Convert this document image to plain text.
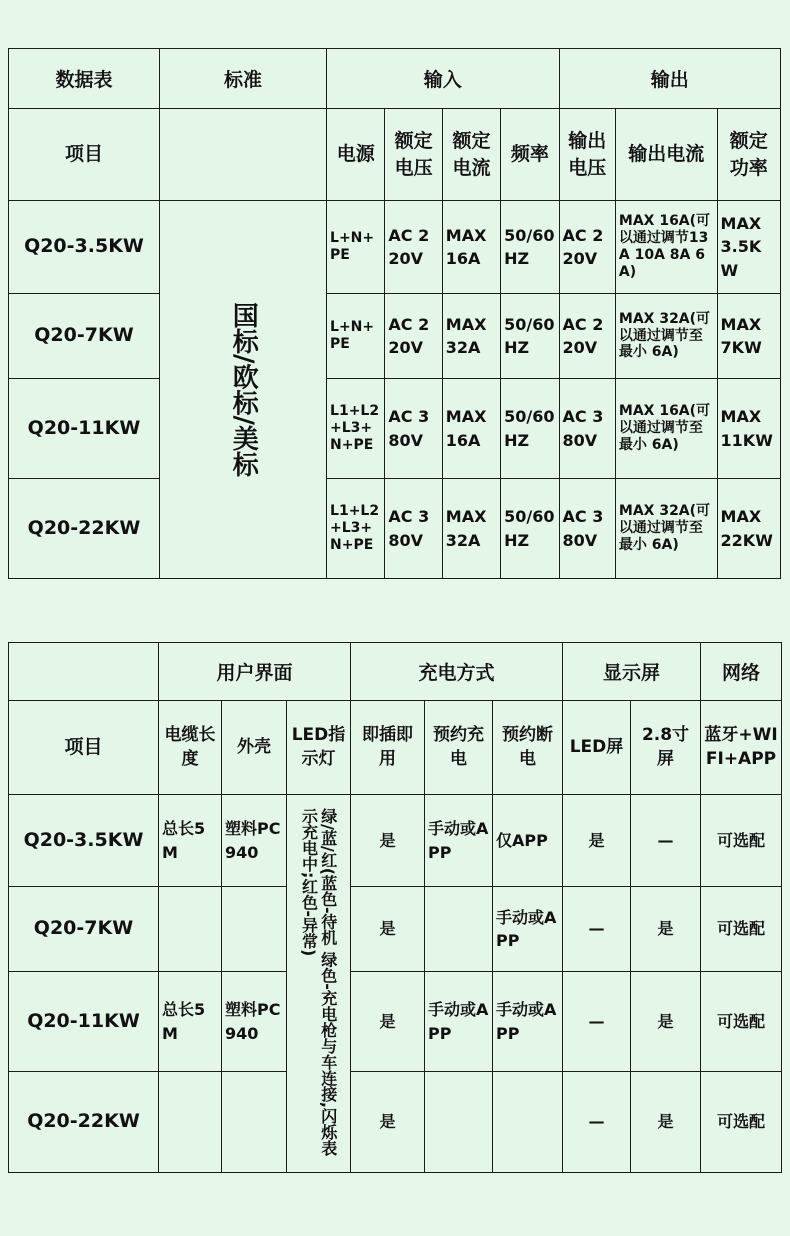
数据表	标准	输入				输出		
项目		电源	额定电压	额定电流	频率	输出电压	输出电流	额定功率
Q20-3.5KW	国标/欧标/美标	L+N+PE	AC 220V	MAX 16A	50/60 HZ	AC 220V	MAX 16A(可以通过调节13A 10A 8A 6A)	MAX 3.5KW
Q20-7KW		L+N+PE	AC 220V	MAX 32A	50/60 HZ	AC 220V	MAX 32A(可以通过调节至最小 6A)	MAX 7KW
Q20-11KW		L1+L2+L3+N+PE	AC 380V	MAX 16A	50/60 HZ	AC 380V	MAX 16A(可以通过调节至最小 6A)	MAX 11KW
Q20-22KW		L1+L2+L3+N+PE	AC 380V	MAX 32A	50/60 HZ	AC 380V	MAX 32A(可以通过调节至最小 6A)	MAX 22KW
	用户界面			充电方式			显示屏		网络
项目	电缆长度	外壳	LED指示灯	即插即用	预约充电	预约断电	LED屏	2.8寸屏	蓝牙+WIFI+APP
Q20-3.5KW	总长5M	塑料PC940	绿/蓝/红(蓝色-待机 绿色-充电枪与车连接,闪烁表示充电中;红色-异常)	是	手动或APP	仅APP	是	—	可选配
Q20-7KW				是		手动或APP	—	是	可选配
Q20-11KW	总长5M	塑料PC940		是	手动或APP	手动或APP	—	是	可选配
Q20-22KW				是			—	是	可选配
